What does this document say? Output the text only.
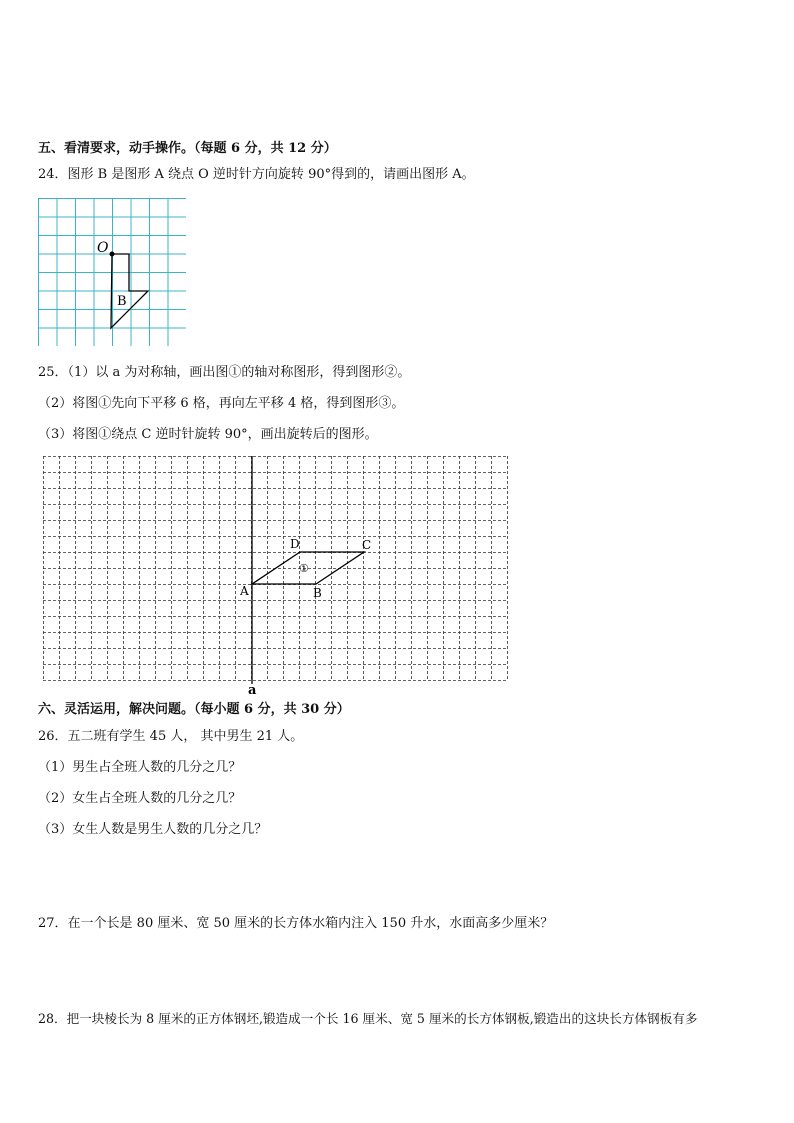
五、看清要求，动手操作。（每题 6 分，共 12 分）
24．图形 B 是图形 A 绕点 O 逆时针方向旋转 90°得到的，请画出图形 A。
O
B
25．（1）以 a 为对称轴，画出图①的轴对称图形，得到图形②。
（2）将图①先向下平移 6 格，再向左平移 4 格，得到图形③。
（3）将图①绕点 C 逆时针旋转 90°，画出旋转后的图形。
A	B
C
D
①
a
六、灵活运用，解决问题。（每小题 6 分，共 30 分）
26．五二班有学生 45 人， 其中男生 21 人。
（1）男生占全班人数的几分之几？
（2）女生占全班人数的几分之几？
（3）女生人数是男生人数的几分之几？
27．在一个长是 80 厘米、宽 50 厘米的长方体水箱内注入 150 升水，水面高多少厘米？
28．把一块棱长为 8 厘米的正方体钢坯,锻造成一个长 16 厘米、宽 5 厘米的长方体钢板,锻造出的这块长方体钢板有多
